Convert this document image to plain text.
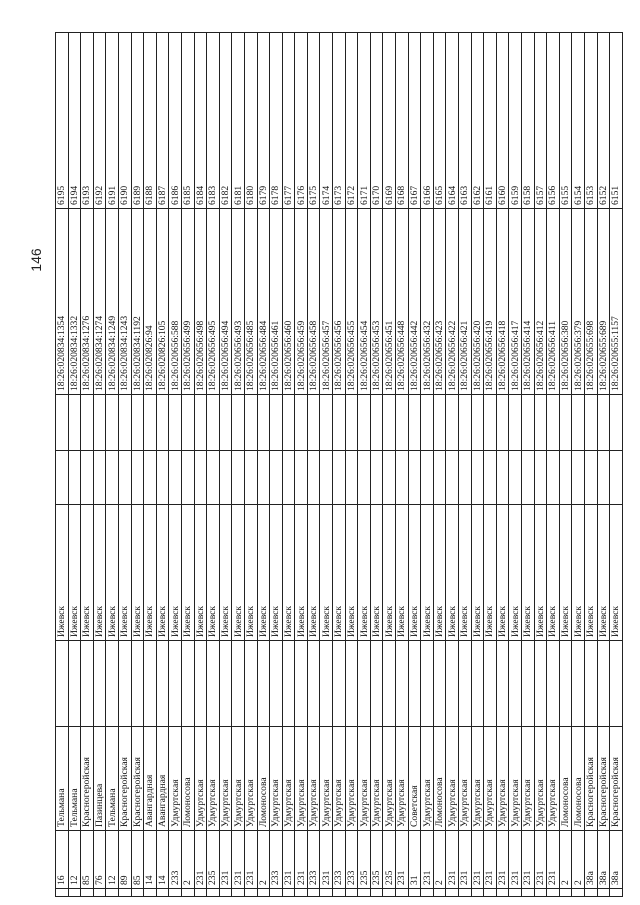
146
	16	Тельмана		Ижевск			18:26:020834:1354	6195
	12	Тельмана		Ижевск			18:26:020834:1332	6194
	85	Красногеройская		Ижевск			18:26:020834:1276	6193
	76	Пазинцева		Ижевск			18:26:020834:1274	6192
	12	Тельмана		Ижевск			18:26:020834:1249	6191
	89	Красногеройская		Ижевск			18:26:020834:1243	6190
	85	Красногеройская		Ижевск			18:26:020834:1192	6189
	14	Авангардная		Ижевск			18:26:020826:94	6188
	14	Авангардная		Ижевск			18:26:020826:105	6187
	233	Удмуртская		Ижевск			18:26:020656:588	6186
	2	Ломоносова		Ижевск			18:26:020656:499	6185
	231	Удмуртская		Ижевск			18:26:020656:498	6184
	235	Удмуртская		Ижевск			18:26:020656:495	6183
	231	Удмуртская		Ижевск			18:26:020656:494	6182
	231	Удмуртская		Ижевск			18:26:020656:493	6181
	231	Удмуртская		Ижевск			18:26:020656:485	6180
	2	Ломоносова		Ижевск			18:26:020656:484	6179
	233	Удмуртская		Ижевск			18:26:020656:461	6178
	231	Удмуртская		Ижевск			18:26:020656:460	6177
	231	Удмуртская		Ижевск			18:26:020656:459	6176
	233	Удмуртская		Ижевск			18:26:020656:458	6175
	231	Удмуртская		Ижевск			18:26:020656:457	6174
	233	Удмуртская		Ижевск			18:26:020656:456	6173
	233	Удмуртская		Ижевск			18:26:020656:455	6172
	235	Удмуртская		Ижевск			18:26:020656:454	6171
	235	Удмуртская		Ижевск			18:26:020656:453	6170
	235	Удмуртская		Ижевск			18:26:020656:451	6169
	231	Удмуртская		Ижевск			18:26:020656:448	6168
	31	Советская		Ижевск			18:26:020656:442	6167
	231	Удмуртская		Ижевск			18:26:020656:432	6166
	2	Ломоносова		Ижевск			18:26:020656:423	6165
	231	Удмуртская		Ижевск			18:26:020656:422	6164
	231	Удмуртская		Ижевск			18:26:020656:421	6163
	231	Удмуртская		Ижевск			18:26:020656:420	6162
	231	Удмуртская		Ижевск			18:26:020656:419	6161
	231	Удмуртская		Ижевск			18:26:020656:418	6160
	231	Удмуртская		Ижевск			18:26:020656:417	6159
	231	Удмуртская		Ижевск			18:26:020656:414	6158
	231	Удмуртская		Ижевск			18:26:020656:412	6157
	231	Удмуртская		Ижевск			18:26:020656:411	6156
	2	Ломоносова		Ижевск			18:26:020656:380	6155
	2	Ломоносова		Ижевск			18:26:020656:379	6154
	38а	Красногеройская		Ижевск			18:26:020655:698	6153
	38а	Красногеройская		Ижевск			18:26:020655:689	6152
	38а	Красногеройская		Ижевск			18:26:020655:1157	6151
